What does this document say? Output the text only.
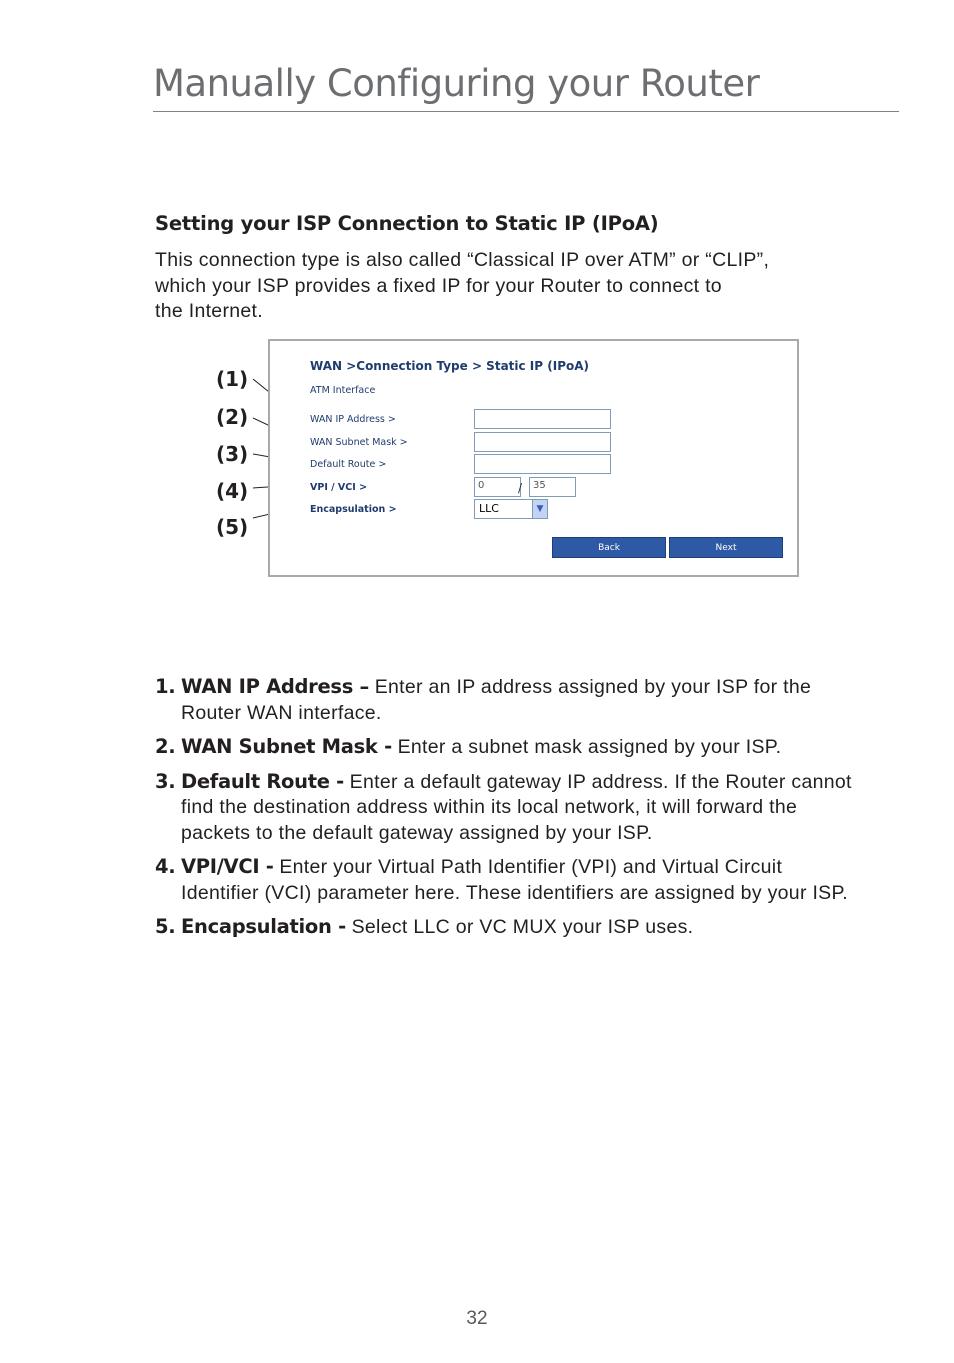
Manually Configuring your Router
Setting your ISP Connection to Static IP (IPoA)
This connection type is also called “Classical IP over ATM” or “CLIP”,
which your ISP provides a fixed IP for your Router to connect to
the Internet.
(1)
(2)
(3)
(4)
(5)
WAN >Connection Type > Static IP (IPoA)
ATM Interface
WAN IP Address >
WAN Subnet Mask >
Default Route >
VPI / VCI >	0	/	35
Encapsulation >	LLC	▼
Back	Next
1. WAN IP Address – Enter an IP address assigned by your ISP for the Router WAN interface.
2. WAN Subnet Mask - Enter a subnet mask assigned by your ISP.
3. Default Route - Enter a default gateway IP address. If the Router cannot find the destination address within its local network, it will forward the packets to the default gateway assigned by your ISP.
4. VPI/VCI - Enter your Virtual Path Identifier (VPI) and Virtual Circuit Identifier (VCI) parameter here. These identifiers are assigned by your ISP.
5. Encapsulation - Select LLC or VC MUX your ISP uses.
32
